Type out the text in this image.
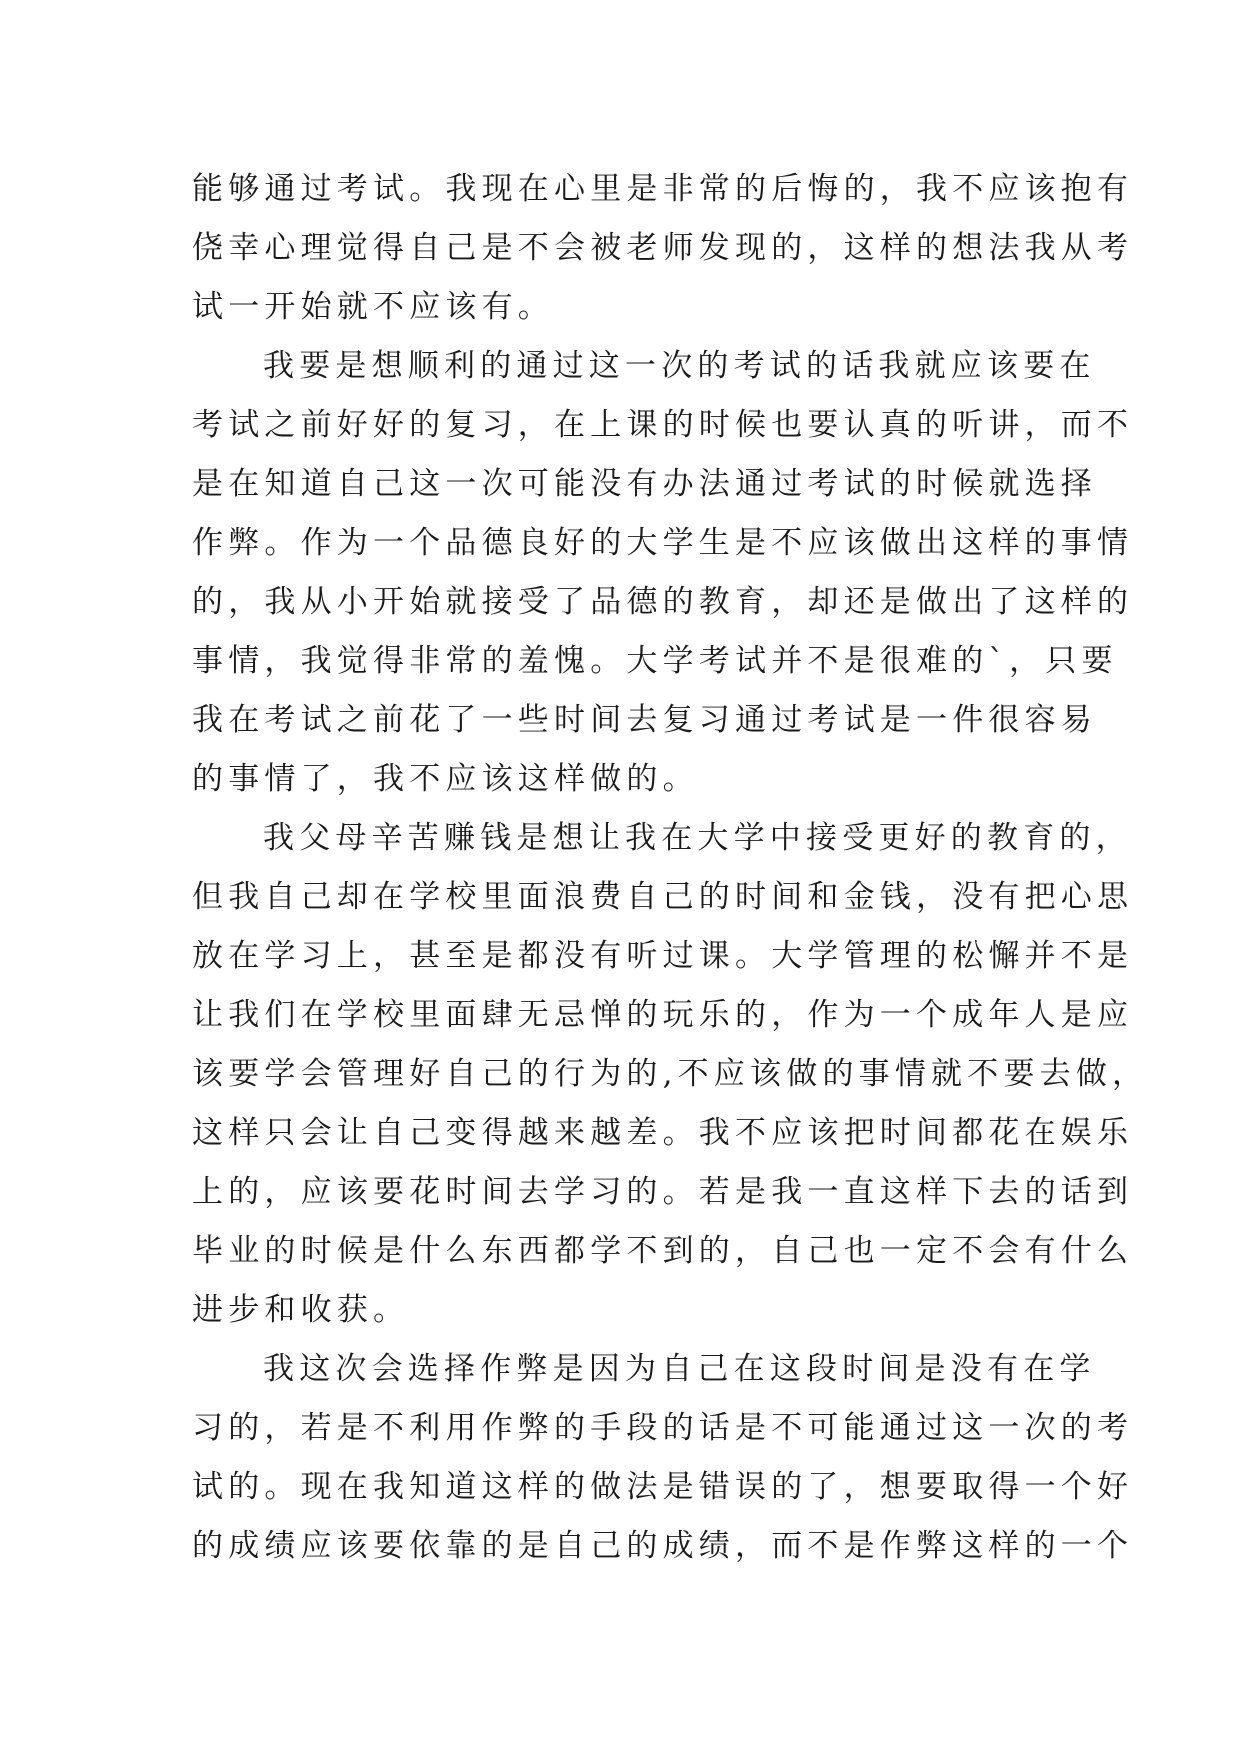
能够通过考试。我现在心里是非常的后悔的，我不应该抱有
侥幸心理觉得自己是不会被老师发现的，这样的想法我从考
试一开始就不应该有。
我要是想顺利的通过这一次的考试的话我就应该要在
考试之前好好的复习，在上课的时候也要认真的听讲，而不
是在知道自己这一次可能没有办法通过考试的时候就选择
作弊。作为一个品德良好的大学生是不应该做出这样的事情
的，我从小开始就接受了品德的教育，却还是做出了这样的
事情，我觉得非常的羞愧。大学考试并不是很难的`，只要
我在考试之前花了一些时间去复习通过考试是一件很容易
的事情了，我不应该这样做的。
我父母辛苦赚钱是想让我在大学中接受更好的教育的，
但我自己却在学校里面浪费自己的时间和金钱，没有把心思
放在学习上，甚至是都没有听过课。大学管理的松懈并不是
让我们在学校里面肆无忌惮的玩乐的，作为一个成年人是应
该要学会管理好自己的行为的,不应该做的事情就不要去做，
这样只会让自己变得越来越差。我不应该把时间都花在娱乐
上的，应该要花时间去学习的。若是我一直这样下去的话到
毕业的时候是什么东西都学不到的，自己也一定不会有什么
进步和收获。
我这次会选择作弊是因为自己在这段时间是没有在学
习的，若是不利用作弊的手段的话是不可能通过这一次的考
试的。现在我知道这样的做法是错误的了，想要取得一个好
的成绩应该要依靠的是自己的成绩，而不是作弊这样的一个
